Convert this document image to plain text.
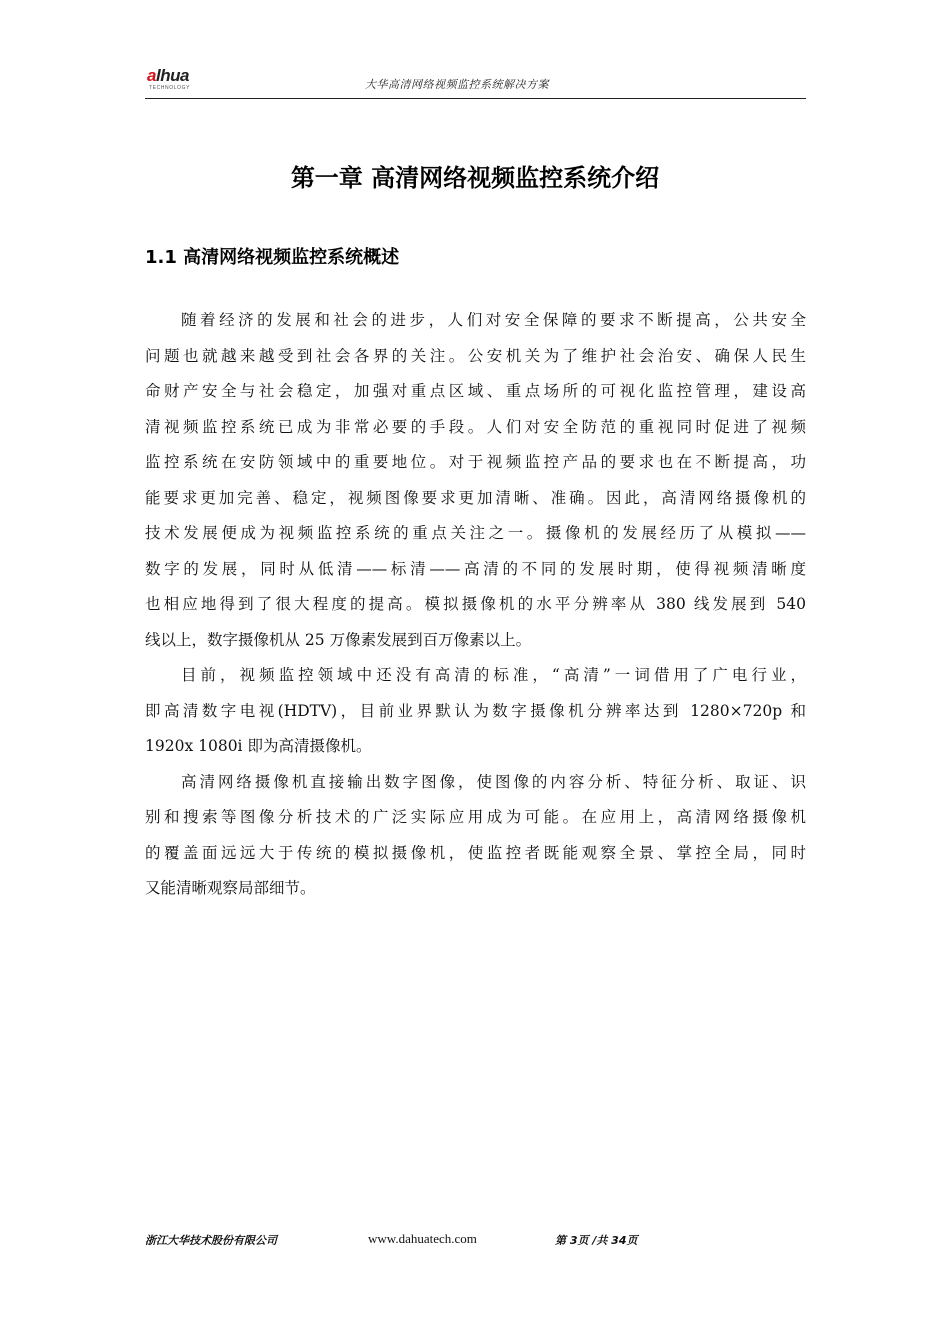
alhua
TECHNOLOGY	大华高清网络视频监控系统解决方案
第一章 高清网络视频监控系统介绍
1.1 高清网络视频监控系统概述
随着经济的发展和社会的进步，人们对安全保障的要求不断提高，公共安全
问题也就越来越受到社会各界的关注。公安机关为了维护社会治安、确保人民生
命财产安全与社会稳定，加强对重点区域、重点场所的可视化监控管理，建设高
清视频监控系统已成为非常必要的手段。人们对安全防范的重视同时促进了视频
监控系统在安防领域中的重要地位。对于视频监控产品的要求也在不断提高，功
能要求更加完善、稳定，视频图像要求更加清晰、准确。因此，高清网络摄像机的
技术发展便成为视频监控系统的重点关注之一。摄像机的发展经历了从模拟——
数字的发展，同时从低清——标清——高清的不同的发展时期，使得视频清晰度
也相应地得到了很大程度的提高。模拟摄像机的水平分辨率从 380 线发展到 540
线以上，数字摄像机从 25 万像素发展到百万像素以上。
目前，视频监控领域中还没有高清的标准，“高清”一词借用了广电行业，
即高清数字电视(HDTV)，目前业界默认为数字摄像机分辨率达到 1280×720p 和
1920x 1080i 即为高清摄像机。
高清网络摄像机直接输出数字图像，使图像的内容分析、特征分析、取证、识
别和搜索等图像分析技术的广泛实际应用成为可能。在应用上，高清网络摄像机
的覆盖面远远大于传统的模拟摄像机，使监控者既能观察全景、掌控全局，同时
又能清晰观察局部细节。
浙江大华技术股份有限公司	www.dahuatech.com	第 3页 /共 34页
